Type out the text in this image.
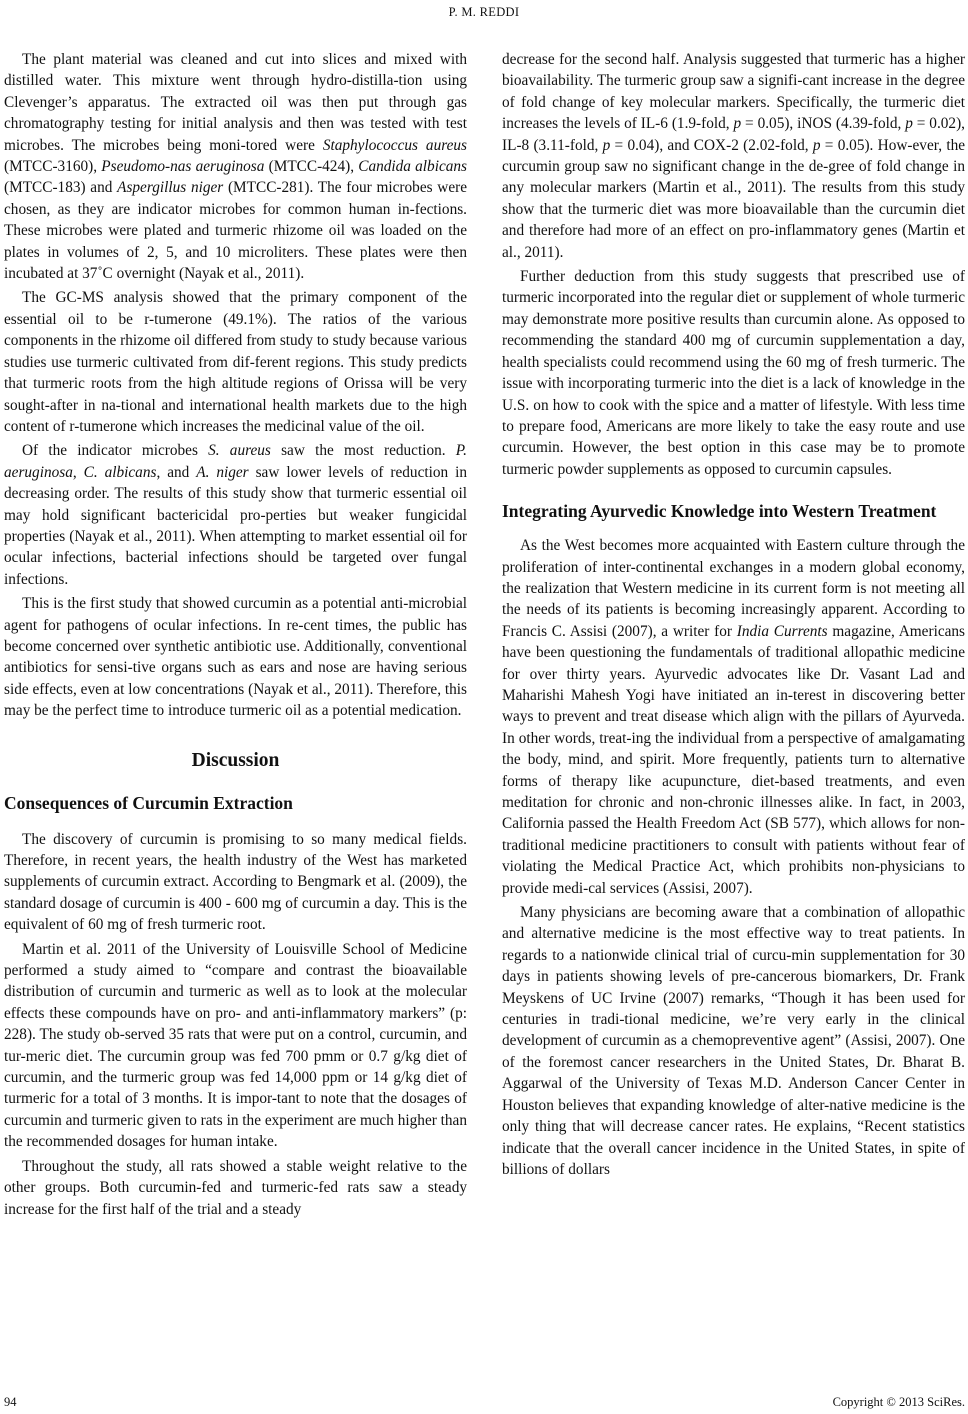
P. M. REDDI

The plant material was cleaned and cut into slices and mixed with distilled water. This mixture went through hydro-distilla-tion using Clevenger’s apparatus. The extracted oil was then put through gas chromatography testing for initial analysis and then was tested with test microbes. The microbes being moni-tored were Staphylococcus aureus (MTCC-3160), Pseudomo-nas aeruginosa (MTCC-424), Candida albicans (MTCC-183) and Aspergillus niger (MTCC-281). The four microbes were chosen, as they are indicator microbes for common human in-fections. These microbes were plated and turmeric rhizome oil was loaded on the plates in volumes of 2, 5, and 10 microliters. These plates were then incubated at 37˚C overnight (Nayak et al., 2011).

The GC-MS analysis showed that the primary component of the essential oil to be r-tumerone (49.1%). The ratios of the various components in the rhizome oil differed from study to study because various studies use turmeric cultivated from dif-ferent regions. This study predicts that turmeric roots from the high altitude regions of Orissa will be very sought-after in na-tional and international health markets due to the high content of r-tumerone which increases the medicinal value of the oil.

Of the indicator microbes S. aureus saw the most reduction. P. aeruginosa, C. albicans, and A. niger saw lower levels of reduction in decreasing order. The results of this study show that turmeric essential oil may hold significant bactericidal pro-perties but weaker fungicidal properties (Nayak et al., 2011). When attempting to market essential oil for ocular infections, bacterial infections should be targeted over fungal infections.

This is the first study that showed curcumin as a potential anti-microbial agent for pathogens of ocular infections. In re-cent times, the public has become concerned over synthetic antibiotic use. Additionally, conventional antibiotics for sensi-tive organs such as ears and nose are having serious side effects, even at low concentrations (Nayak et al., 2011). Therefore, this may be the perfect time to introduce turmeric oil as a potential medication.

Discussion
Consequences of Curcumin Extraction

The discovery of curcumin is promising to so many medical fields. Therefore, in recent years, the health industry of the West has marketed supplements of curcumin extract. According to Bengmark et al. (2009), the standard dosage of curcumin is 400 - 600 mg of curcumin a day. This is the equivalent of 60 mg of fresh turmeric root.

Martin et al. 2011 of the University of Louisville School of Medicine performed a study aimed to “compare and contrast the bioavailable distribution of curcumin and turmeric as well as to look at the molecular effects these compounds have on pro- and anti-inflammatory markers” (p: 228). The study ob-served 35 rats that were put on a control, curcumin, and tur-meric diet. The curcumin group was fed 700 pmm or 0.7 g/kg diet of curcumin, and the turmeric group was fed 14,000 ppm or 14 g/kg diet of turmeric for a total of 3 months. It is impor-tant to note that the dosages of curcumin and turmeric given to rats in the experiment are much higher than the recommended dosages for human intake.

Throughout the study, all rats showed a stable weight relative to the other groups. Both curcumin-fed and turmeric-fed rats saw a steady increase for the first half of the trial and a steady

decrease for the second half. Analysis suggested that turmeric has a higher bioavailability. The turmeric group saw a signifi-cant increase in the degree of fold change of key molecular markers. Specifically, the turmeric diet increases the levels of IL-6 (1.9-fold, p = 0.05), iNOS (4.39-fold, p = 0.02), IL-8 (3.11-fold, p = 0.04), and COX-2 (2.02-fold, p = 0.05). How-ever, the curcumin group saw no significant change in the de-gree of fold change in any molecular markers (Martin et al., 2011). The results from this study show that the turmeric diet was more bioavailable than the curcumin diet and therefore had more of an effect on pro-inflammatory genes (Martin et al., 2011).

Further deduction from this study suggests that prescribed use of turmeric incorporated into the regular diet or supplement of whole turmeric may demonstrate more positive results than curcumin alone. As opposed to recommending the standard 400 mg of curcumin supplementation a day, health specialists could recommend using the 60 mg of fresh turmeric. The issue with incorporating turmeric into the diet is a lack of knowledge in the U.S. on how to cook with the spice and a matter of lifestyle. With less time to prepare food, Americans are more likely to take the easy route and use curcumin. However, the best option in this case may be to promote turmeric powder supplements as opposed to curcumin capsules.

Integrating Ayurvedic Knowledge into Western Treatment

As the West becomes more acquainted with Eastern culture through the proliferation of inter-continental exchanges in a modern global economy, the realization that Western medicine in its current form is not meeting all the needs of its patients is becoming increasingly apparent. According to Francis C. Assisi (2007), a writer for India Currents magazine, Americans have been questioning the fundamentals of traditional allopathic medicine for over thirty years. Ayurvedic advocates like Dr. Vasant Lad and Maharishi Mahesh Yogi have initiated an in-terest in discovering better ways to prevent and treat disease which align with the pillars of Ayurveda. In other words, treat-ing the individual from a perspective of amalgamating the body, mind, and spirit. More frequently, patients turn to alternative forms of therapy like acupuncture, diet-based treatments, and even meditation for chronic and non-chronic illnesses alike. In fact, in 2003, California passed the Health Freedom Act (SB 577), which allows for non-traditional medicine practitioners to consult with patients without fear of violating the Medical Practice Act, which prohibits non-physicians to provide medi-cal services (Assisi, 2007).

Many physicians are becoming aware that a combination of allopathic and alternative medicine is the most effective way to treat patients. In regards to a nationwide clinical trial of curcu-min supplementation for 30 days in patients showing levels of pre-cancerous biomarkers, Dr. Frank Meyskens of UC Irvine (2007) remarks, “Though it has been used for centuries in tradi-tional medicine, we’re very early in the clinical development of curcumin as a chemopreventive agent” (Assisi, 2007). One of the foremost cancer researchers in the United States, Dr. Bharat B. Aggarwal of the University of Texas M.D. Anderson Cancer Center in Houston believes that expanding knowledge of alter-native medicine is the only thing that will decrease cancer rates. He explains, “Recent statistics indicate that the overall cancer incidence in the United States, in spite of billions of dollars

94	Copyright © 2013 SciRes.
